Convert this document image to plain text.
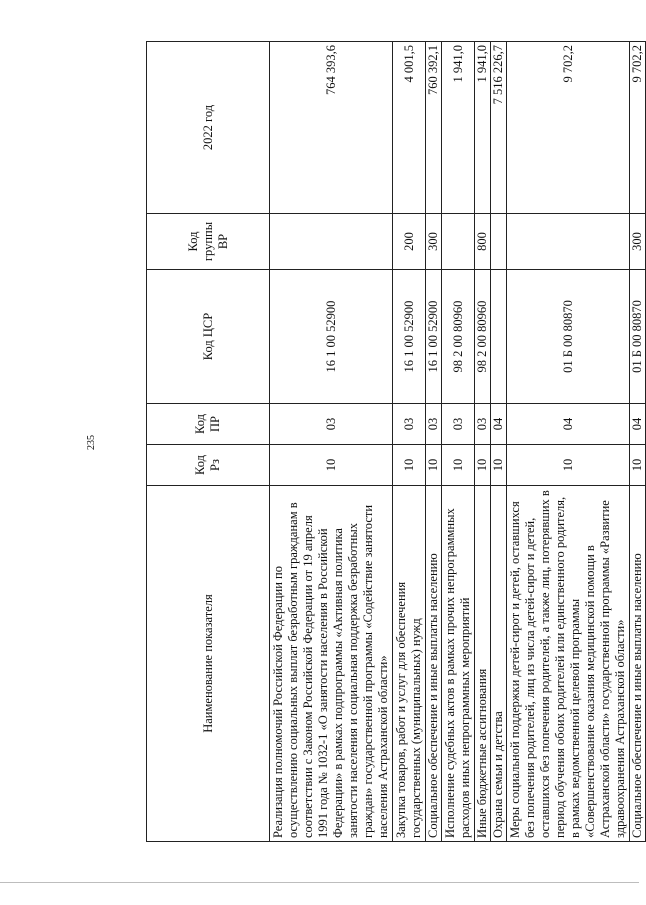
235
Наименование показателя	Код Рз	Код ПР	Код ЦСР	Код группы ВР	2022 год
Реализация полномочий Российской Федерации по осуществлению социальных выплат безработным гражданам в соответствии с Законом Российской Федерации от 19 апреля 1991 года № 1032-1 «О занятости населения в Российской Федерации» в рамках подпрограммы «Активная политика занятости населения и социальная поддержка безработных граждан» государственной программы «Содействие занятости населения Астраханской области»	10	03	16 1 00 52900		764 393,6
Закупка товаров, работ и услуг для обеспечения государственных (муниципальных) нужд	10	03	16 1 00 52900	200	4 001,5
Социальное обеспечение и иные выплаты населению	10	03	16 1 00 52900	300	760 392,1
Исполнение судебных актов в рамках прочих непрограммных расходов иных непрограммных мероприятий	10	03	98 2 00 80960		1 941,0
Иные бюджетные ассигнования	10	03	98 2 00 80960	800	1 941,0
Охрана семьи и детства	10	04			7 516 226,7
Меры социальной поддержки детей-сирот и детей, оставшихся без попечения родителей, лиц из числа детей-сирот и детей, оставшихся без попечения родителей, а также лиц, потерявших в период обучения обоих родителей или единственного родителя, в рамках ведомственной целевой программы «Совершенствование оказания медицинской помощи в Астраханской области» государственной программы «Развитие здравоохранения Астраханской области»	10	04	01 Б 00 80870		9 702,2
Социальное обеспечение и иные выплаты населению	10	04	01 Б 00 80870	300	9 702,2
